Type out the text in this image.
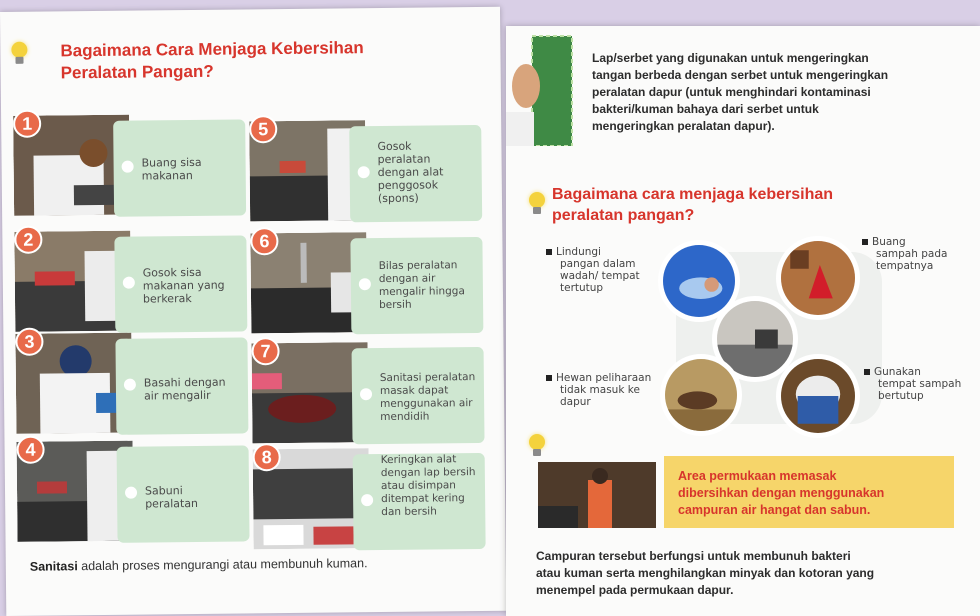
Bagaimana Cara Menjaga Kebersihan
Peralatan Pangan?
Buang sisa
makanan
1
Gosok sisa
makanan yang
berkerak
2
Basahi dengan
air mengalir
3
Sabuni
peralatan
4
Gosok
peralatan
dengan alat
penggosok
(spons)
5
Bilas peralatan
dengan air
mengalir hingga
bersih
6
Sanitasi peralatan
masak dapat
menggunakan air
mendidih
7
Keringkan alat
dengan lap bersih
atau disimpan
ditempat kering
dan bersih
8
Sanitasi adalah proses mengurangi atau membunuh kuman.
Lap/serbet yang digunakan untuk mengeringkan
tangan berbeda dengan serbet untuk mengeringkan
peralatan dapur (untuk menghindari kontaminasi
bakteri/kuman bahaya dari serbet untuk
mengeringkan peralatan dapur).
Bagaimana cara menjaga kebersihan
peralatan pangan?
Lindungi
pangan dalam
wadah/ tempat
tertutup
Buang
sampah pada
tempatnya
Hewan peliharaan
tidak masuk ke
dapur
Gunakan
tempat sampah
bertutup
Area permukaan memasak
dibersihkan dengan menggunakan
campuran air hangat dan sabun.
Campuran tersebut berfungsi untuk membunuh bakteri
atau kuman serta menghilangkan minyak dan kotoran yang
menempel pada permukaan dapur.
